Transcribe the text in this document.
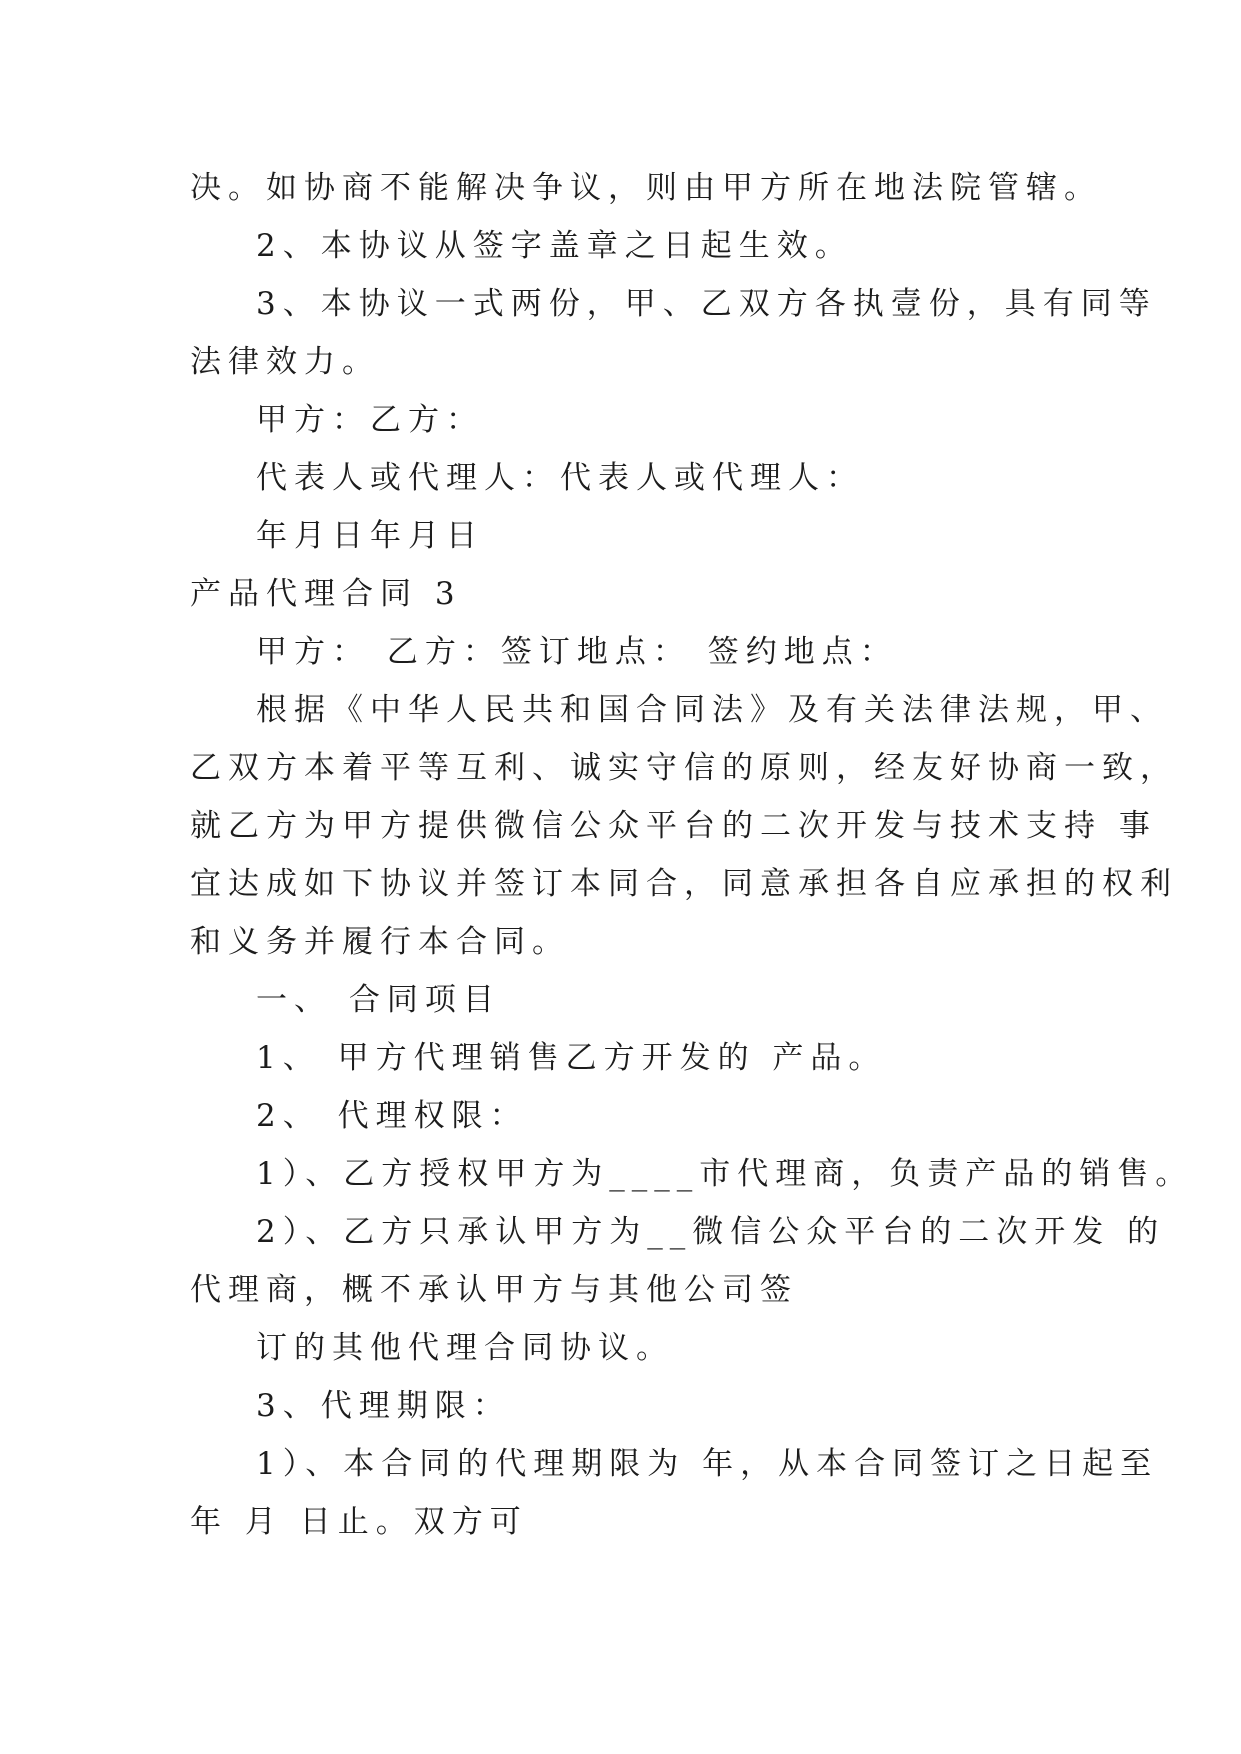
决。如协商不能解决争议，则由甲方所在地法院管辖。
2、本协议从签字盖章之日起生效。
3、本协议一式两份，甲、乙双方各执壹份，具有同等
法律效力。
甲方：乙方：
代表人或代理人：代表人或代理人：
年月日年月日
产品代理合同 3
甲方： 乙方：签订地点： 签约地点：
根据《中华人民共和国合同法》及有关法律法规，甲、
乙双方本着平等互利、诚实守信的原则，经友好协商一致，
就乙方为甲方提供微信公众平台的二次开发与技术支持 事
宜达成如下协议并签订本同合，同意承担各自应承担的权利
和义务并履行本合同。
一、 合同项目
1、 甲方代理销售乙方开发的 产品。
2、 代理权限：
1）、乙方授权甲方为____市代理商，负责产品的销售。
2）、乙方只承认甲方为__微信公众平台的二次开发 的
代理商，概不承认甲方与其他公司签
订的其他代理合同协议。
3、代理期限：
1）、本合同的代理期限为 年，从本合同签订之日起至
年 月 日止。双方可
